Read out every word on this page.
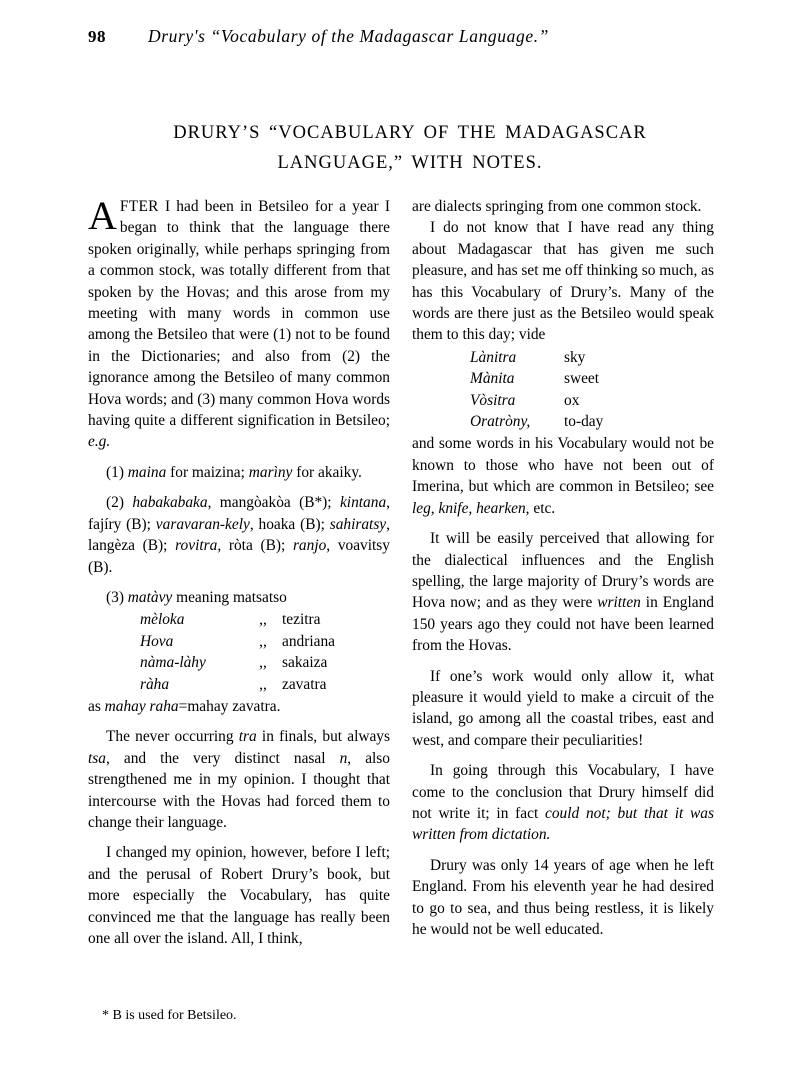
98 Drury's “Vocabulary of the Madagascar Language.”
DRURY’S “VOCABULARY OF THE MADAGASCAR
LANGUAGE,” WITH NOTES.

AFTER I had been in Betsileo for a year I began to think that the language there spoken originally, while perhaps springing from a common stock, was totally different from that spoken by the Hovas; and this arose from my meeting with many words in common use among the Betsileo that were (1) not to be found in the Dictionaries; and also from (2) the ignorance among the Betsileo of many common Hova words; and (3) many common Hova words having quite a different signification in Betsileo; e.g.

(1) maina for maizina; marìny for akaiky.

(2) habakabaka, mangòakòa (B*); kintana, fajíry (B); varavaran-kely, hoaka (B); sahiratsy, langèza (B); rovitra, ròta (B); ranjo, voavitsy (B).

(3) matàvy meaning matsatso

mèloka	,,	tezitra
Hova	,,	andriana
nàma-làhy	,,	sakaiza
ràha	,,	zavatra

as mahay raha=mahay zavatra.

The never occurring tra in finals, but always tsa, and the very distinct nasal n, also strengthened me in my opinion. I thought that intercourse with the Hovas had forced them to change their language.

I changed my opinion, however, before I left; and the perusal of Robert Drury’s book, but more especially the Vocabulary, has quite convinced me that the language has really been one all over the island. All, I think,

are dialects springing from one common stock.

I do not know that I have read any thing about Madagascar that has given me such pleasure, and has set me off thinking so much, as has this Vocabulary of Drury’s. Many of the words are there just as the Betsileo would speak them to this day; vide

Lànitra	sky
Mànita	sweet
Vòsitra	ox
Oratròny,	to-day

and some words in his Vocabulary would not be known to those who have not been out of Imerina, but which are common in Betsileo; see leg, knife, hearken, etc.

It will be easily perceived that allowing for the dialectical influences and the English spelling, the large majority of Drury’s words are Hova now; and as they were written in England 150 years ago they could not have been learned from the Hovas.

If one’s work would only allow it, what pleasure it would yield to make a circuit of the island, go among all the coastal tribes, east and west, and compare their peculiarities!

In going through this Vocabulary, I have come to the conclusion that Drury himself did not write it; in fact could not; but that it was written from dictation.

Drury was only 14 years of age when he left England. From his eleventh year he had desired to go to sea, and thus being restless, it is likely he would not be well educated.

* B is used for Betsileo.
